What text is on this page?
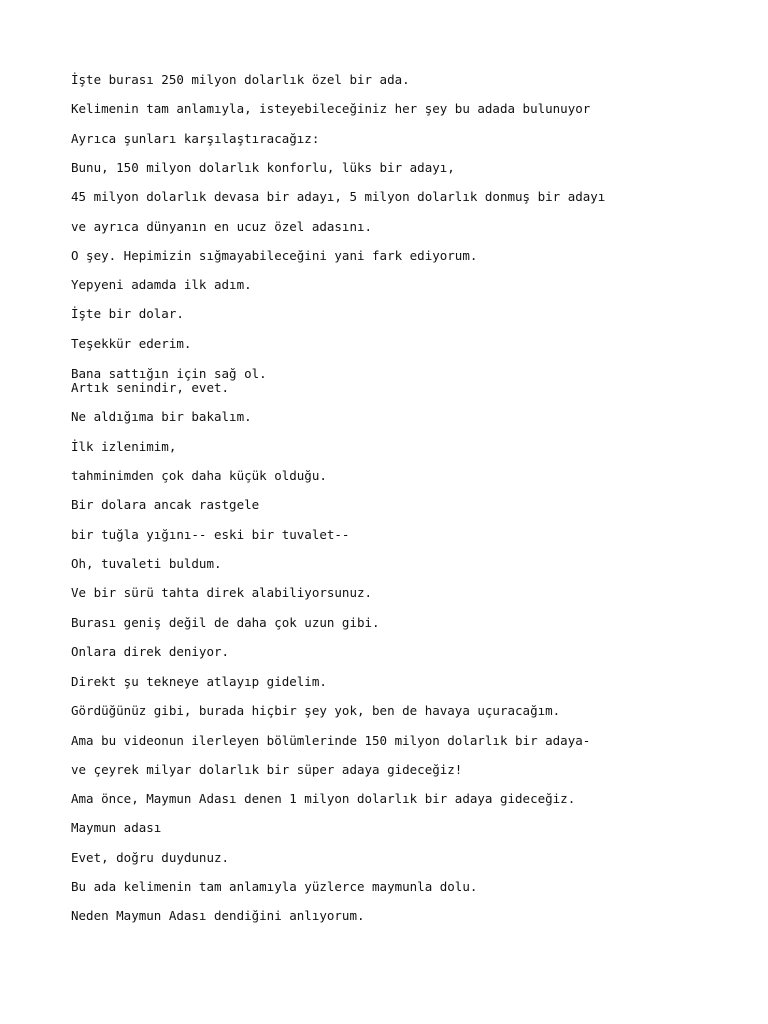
İşte burası 250 milyon dolarlık özel bir ada.

Kelimenin tam anlamıyla, isteyebileceğiniz her şey bu adada bulunuyor

Ayrıca şunları karşılaştıracağız:

Bunu, 150 milyon dolarlık konforlu, lüks bir adayı,

45 milyon dolarlık devasa bir adayı, 5 milyon dolarlık donmuş bir adayı

ve ayrıca dünyanın en ucuz özel adasını.

O şey. Hepimizin sığmayabileceğini yani fark ediyorum.

Yepyeni adamda ilk adım.

İşte bir dolar.

Teşekkür ederim.

Bana sattığın için sağ ol.

Artık senindir, evet.

Ne aldığıma bir bakalım.

İlk izlenimim,

tahminimden çok daha küçük olduğu.

Bir dolara ancak rastgele

bir tuğla yığını-- eski bir tuvalet--

Oh, tuvaleti buldum.

Ve bir sürü tahta direk alabiliyorsunuz.

Burası geniş değil de daha çok uzun gibi.

Onlara direk deniyor.

Direkt şu tekneye atlayıp gidelim.

Gördüğünüz gibi, burada hiçbir şey yok, ben de havaya uçuracağım.

Ama bu videonun ilerleyen bölümlerinde 150 milyon dolarlık bir adaya-

ve çeyrek milyar dolarlık bir süper adaya gideceğiz!

Ama önce, Maymun Adası denen 1 milyon dolarlık bir adaya gideceğiz.

Maymun adası

Evet, doğru duydunuz.

Bu ada kelimenin tam anlamıyla yüzlerce maymunla dolu.

Neden Maymun Adası dendiğini anlıyorum.
